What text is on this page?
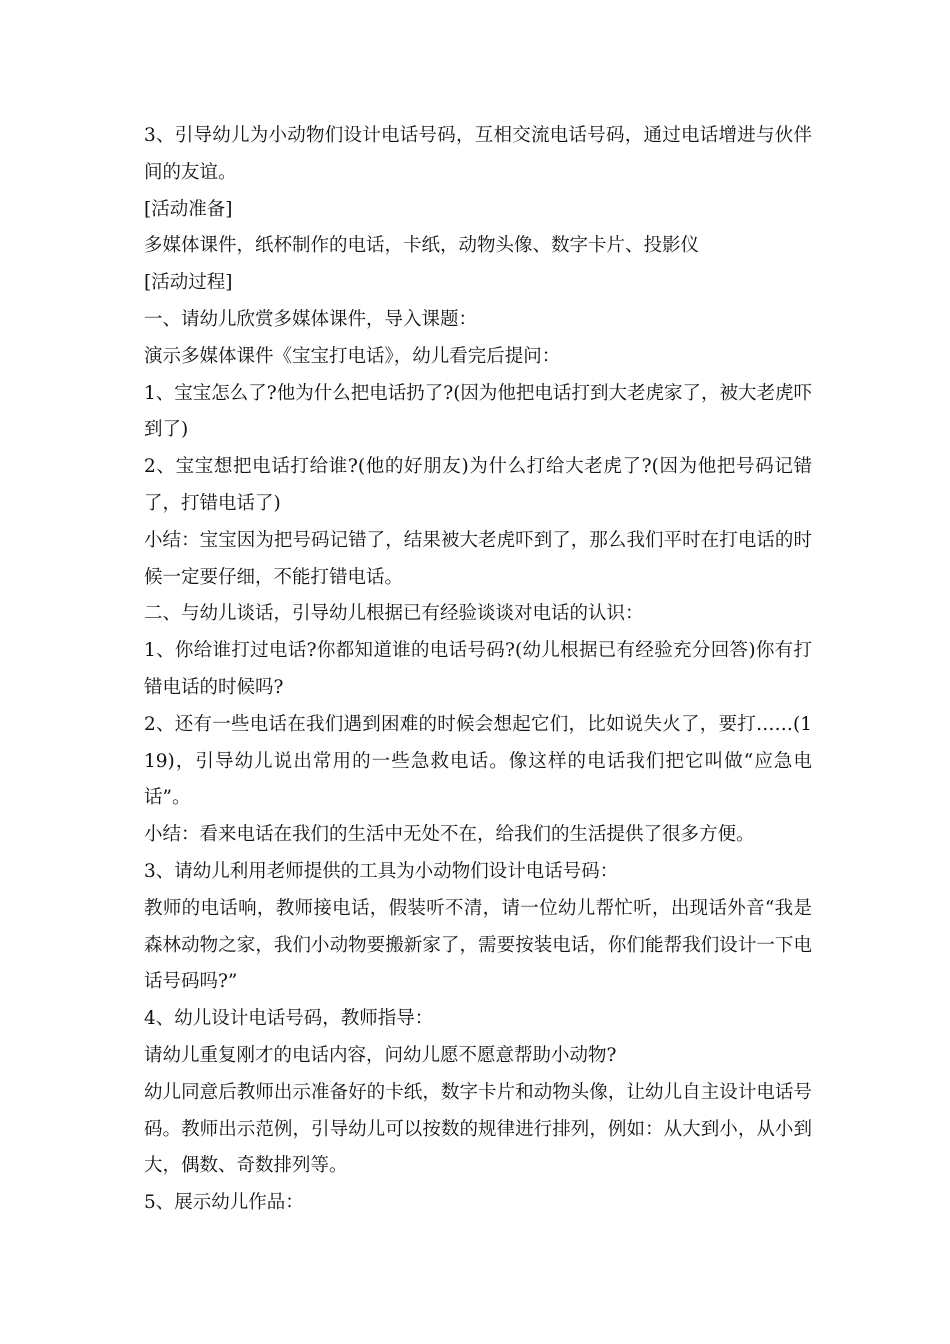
3、引导幼儿为小动物们设计电话号码，互相交流电话号码，通过电话增进与伙伴间的友谊。

[活动准备]

多媒体课件，纸杯制作的电话，卡纸，动物头像、数字卡片、投影仪

[活动过程]

一、请幼儿欣赏多媒体课件，导入课题：

演示多媒体课件《宝宝打电话》，幼儿看完后提问：

1、宝宝怎么了?他为什么把电话扔了?(因为他把电话打到大老虎家了，被大老虎吓到了)

2、宝宝想把电话打给谁?(他的好朋友)为什么打给大老虎了?(因为他把号码记错了，打错电话了)

小结：宝宝因为把号码记错了，结果被大老虎吓到了，那么我们平时在打电话的时候一定要仔细，不能打错电话。

二、与幼儿谈话，引导幼儿根据已有经验谈谈对电话的认识：

1、你给谁打过电话?你都知道谁的电话号码?(幼儿根据已有经验充分回答)你有打错电话的时候吗?

2、还有一些电话在我们遇到困难的时候会想起它们，比如说失火了，要打……(119)，引导幼儿说出常用的一些急救电话。像这样的电话我们把它叫做“应急电话”。

小结：看来电话在我们的生活中无处不在，给我们的生活提供了很多方便。

3、请幼儿利用老师提供的工具为小动物们设计电话号码：

教师的电话响，教师接电话，假装听不清，请一位幼儿帮忙听，出现话外音“我是森林动物之家，我们小动物要搬新家了，需要按装电话，你们能帮我们设计一下电话号码吗?”

4、幼儿设计电话号码，教师指导：

请幼儿重复刚才的电话内容，问幼儿愿不愿意帮助小动物?

幼儿同意后教师出示准备好的卡纸，数字卡片和动物头像，让幼儿自主设计电话号码。教师出示范例，引导幼儿可以按数的规律进行排列，例如：从大到小，从小到大，偶数、奇数排列等。

5、展示幼儿作品：
